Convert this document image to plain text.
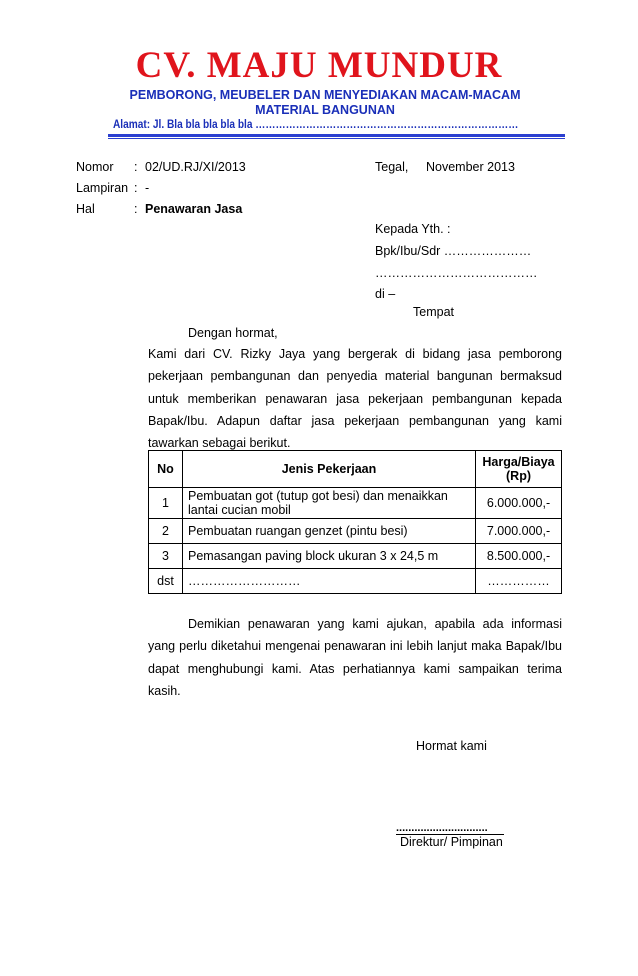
CV. MAJU MUNDUR
PEMBORONG, MEUBELER DAN MENYEDIAKAN MACAM-MACAM MATERIAL BANGUNAN
Alamat: Jl. Bla bla bla bla bla ……………………………………………………………………
Nomor : 02/UD.RJ/XI/2013
Lampiran : -
Hal	: Penawaran Jasa
Tegal, November 2013
Kepada Yth. :
Bpk/Ibu/Sdr …………………
…………………………………
di –
Tempat
Dengan hormat,
Kami dari CV. Rizky Jaya yang bergerak di bidang jasa pemborong pekerjaan pembangunan dan penyedia material bangunan bermaksud untuk memberikan penawaran jasa pekerjaan pembangunan kepada Bapak/Ibu. Adapun daftar jasa pekerjaan pembangunan yang kami tawarkan sebagai berikut.
No	Jenis Pekerjaan	Harga/Biaya (Rp)
1	Pembuatan got (tutup got besi) dan menaikkan lantai cucian mobil	6.000.000,-
2	Pembuatan ruangan genzet (pintu besi)	7.000.000,-
3	Pemasangan paving block ukuran 3 x 24,5 m	8.500.000,-
dst	………………………	……………
Demikian penawaran yang kami ajukan, apabila ada informasi yang perlu diketahui mengenai penawaran ini lebih lanjut maka Bapak/Ibu dapat menghubungi kami. Atas perhatiannya kami sampaikan terima kasih.
Hormat kami
..............................
Direktur/ Pimpinan
